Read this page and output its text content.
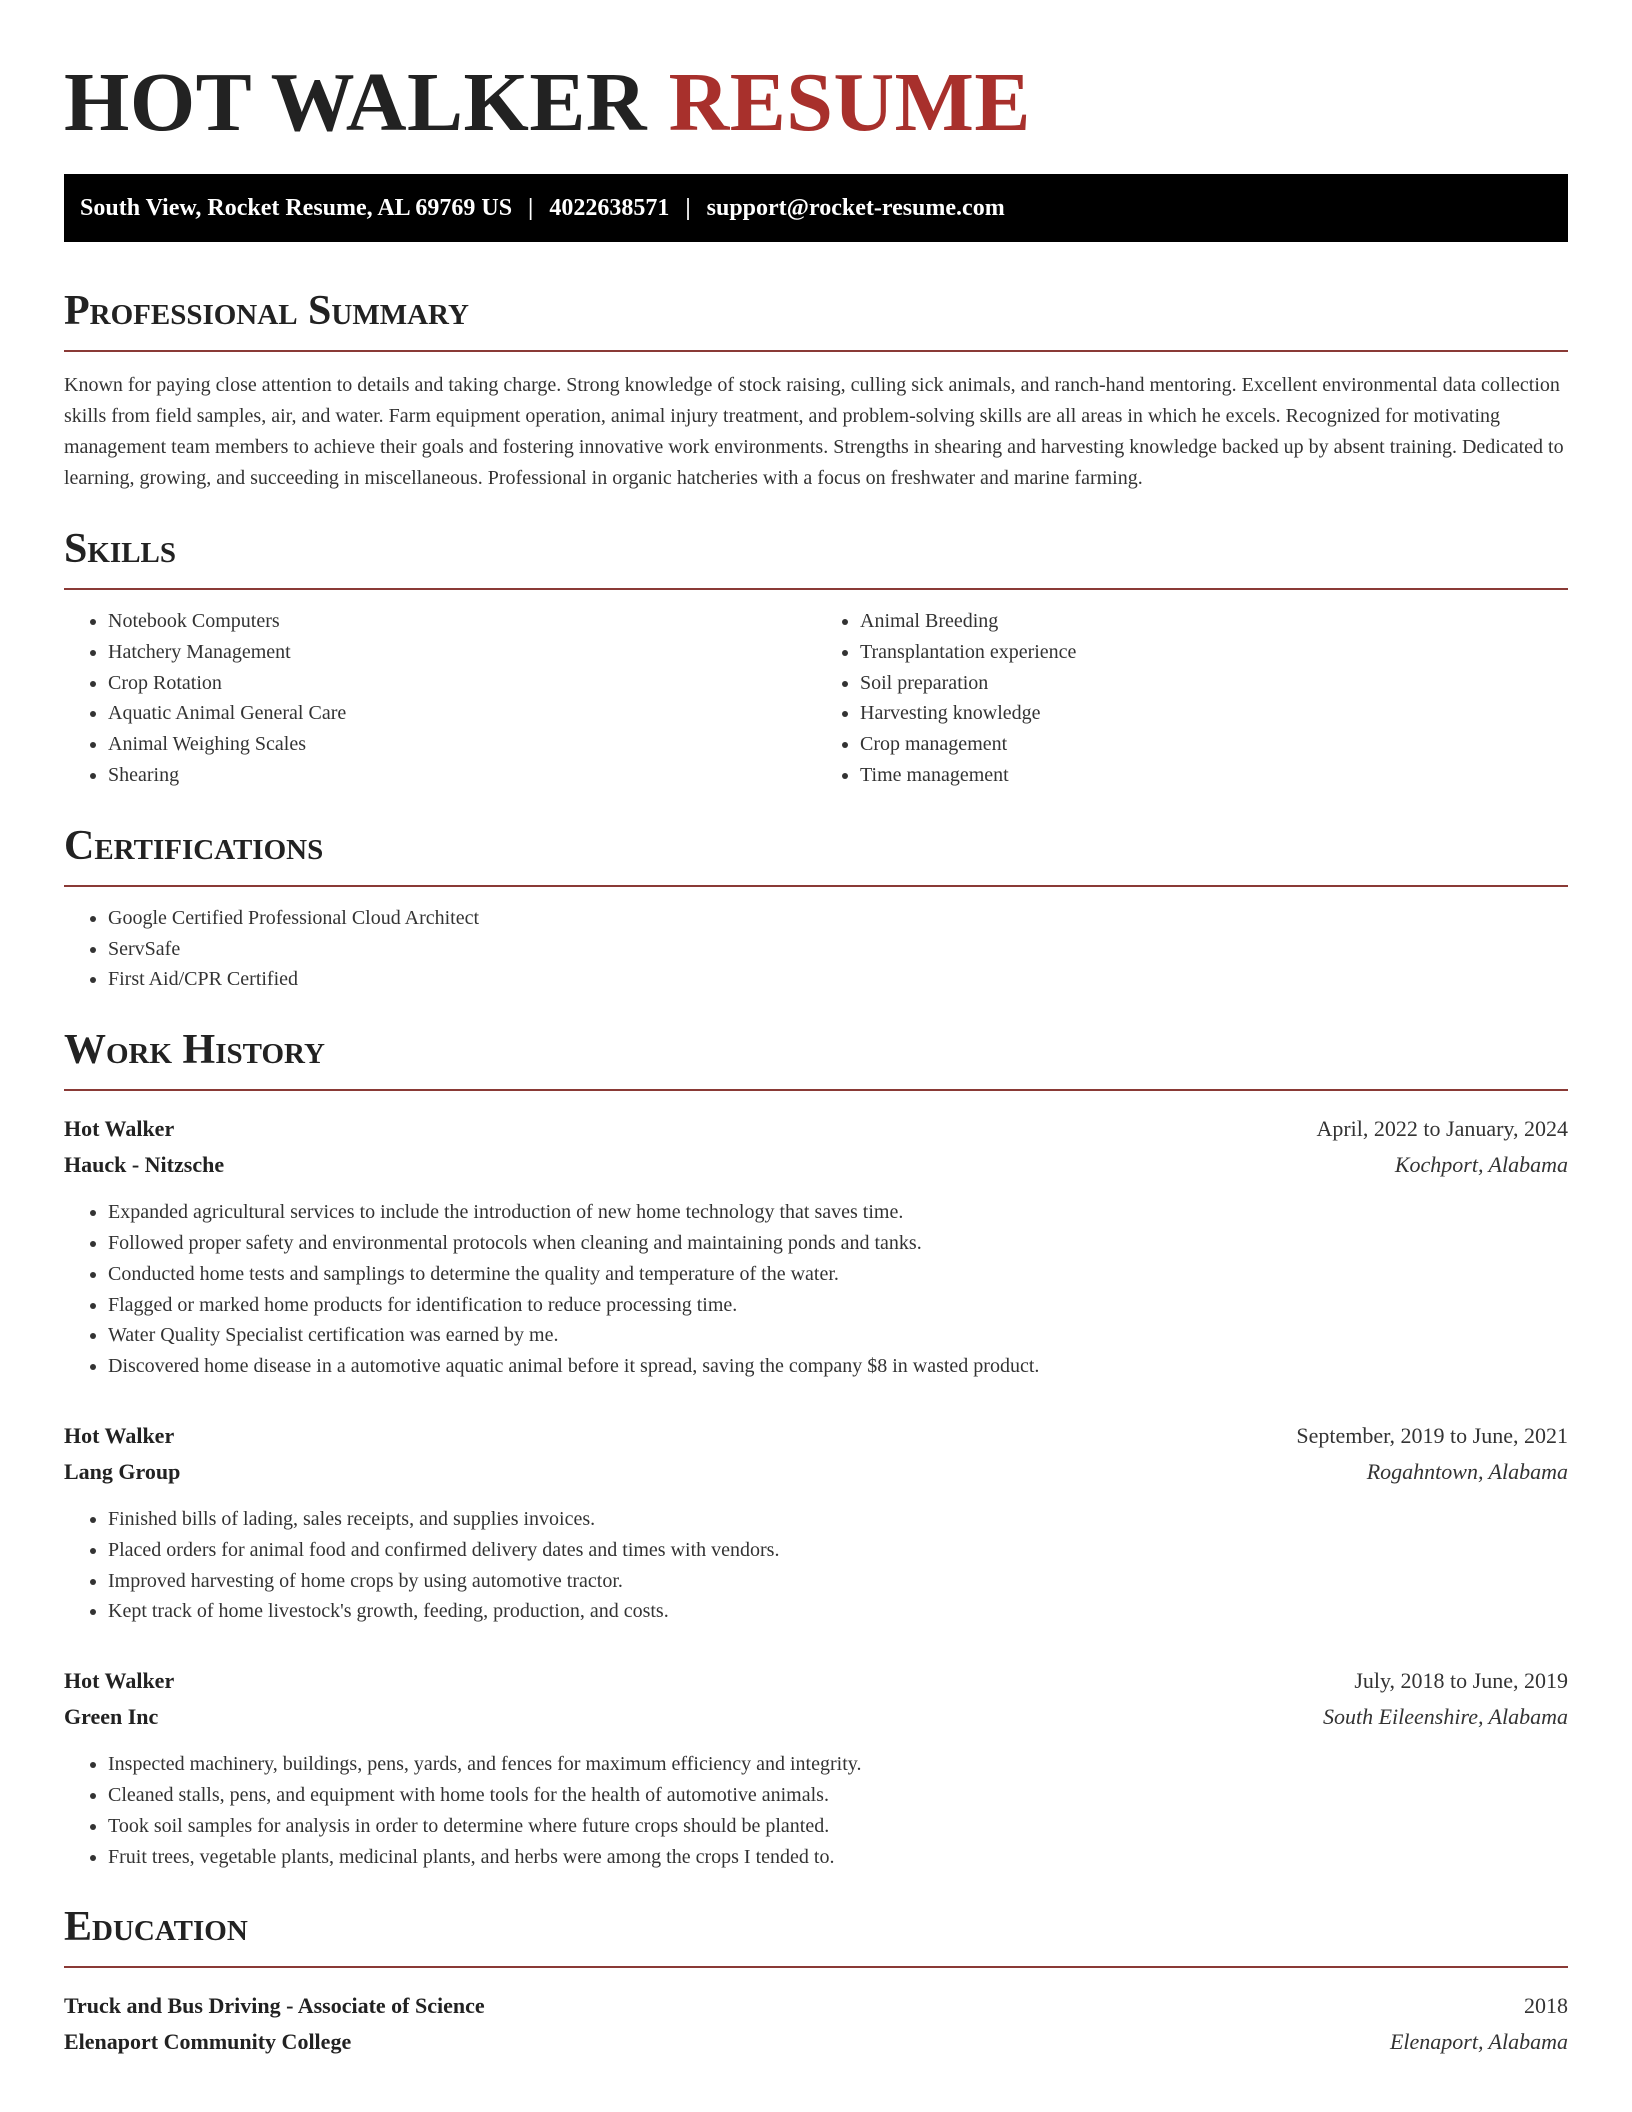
HOT WALKER RESUME
South View, Rocket Resume, AL 69769 US | 4022638571 | support@rocket-resume.com
Professional Summary

Known for paying close attention to details and taking charge. Strong knowledge of stock raising, culling sick animals, and ranch-hand mentoring. Excellent environmental data collection skills from field samples, air, and water. Farm equipment operation, animal injury treatment, and problem-solving skills are all areas in which he excels. Recognized for motivating management team members to achieve their goals and fostering innovative work environments. Strengths in shearing and harvesting knowledge backed up by absent training. Dedicated to learning, growing, and succeeding in miscellaneous. Professional in organic hatcheries with a focus on freshwater and marine farming.

Skills
• Notebook Computers
• Hatchery Management
• Crop Rotation
• Aquatic Animal General Care
• Animal Weighing Scales
• Shearing
• Animal Breeding
• Transplantation experience
• Soil preparation
• Harvesting knowledge
• Crop management
• Time management
Certifications
• Google Certified Professional Cloud Architect
• ServSafe
• First Aid/CPR Certified
Work History
Hot Walker	April, 2022 to January, 2024
Hauck - Nitzsche	Kochport, Alabama
• Expanded agricultural services to include the introduction of new home technology that saves time.
• Followed proper safety and environmental protocols when cleaning and maintaining ponds and tanks.
• Conducted home tests and samplings to determine the quality and temperature of the water.
• Flagged or marked home products for identification to reduce processing time.
• Water Quality Specialist certification was earned by me.
• Discovered home disease in a automotive aquatic animal before it spread, saving the company $8 in wasted product.
Hot Walker	September, 2019 to June, 2021
Lang Group	Rogahntown, Alabama
• Finished bills of lading, sales receipts, and supplies invoices.
• Placed orders for animal food and confirmed delivery dates and times with vendors.
• Improved harvesting of home crops by using automotive tractor.
• Kept track of home livestock's growth, feeding, production, and costs.
Hot Walker	July, 2018 to June, 2019
Green Inc	South Eileenshire, Alabama
• Inspected machinery, buildings, pens, yards, and fences for maximum efficiency and integrity.
• Cleaned stalls, pens, and equipment with home tools for the health of automotive animals.
• Took soil samples for analysis in order to determine where future crops should be planted.
• Fruit trees, vegetable plants, medicinal plants, and herbs were among the crops I tended to.
Education
Truck and Bus Driving - Associate of Science	2018
Elenaport Community College	Elenaport, Alabama
